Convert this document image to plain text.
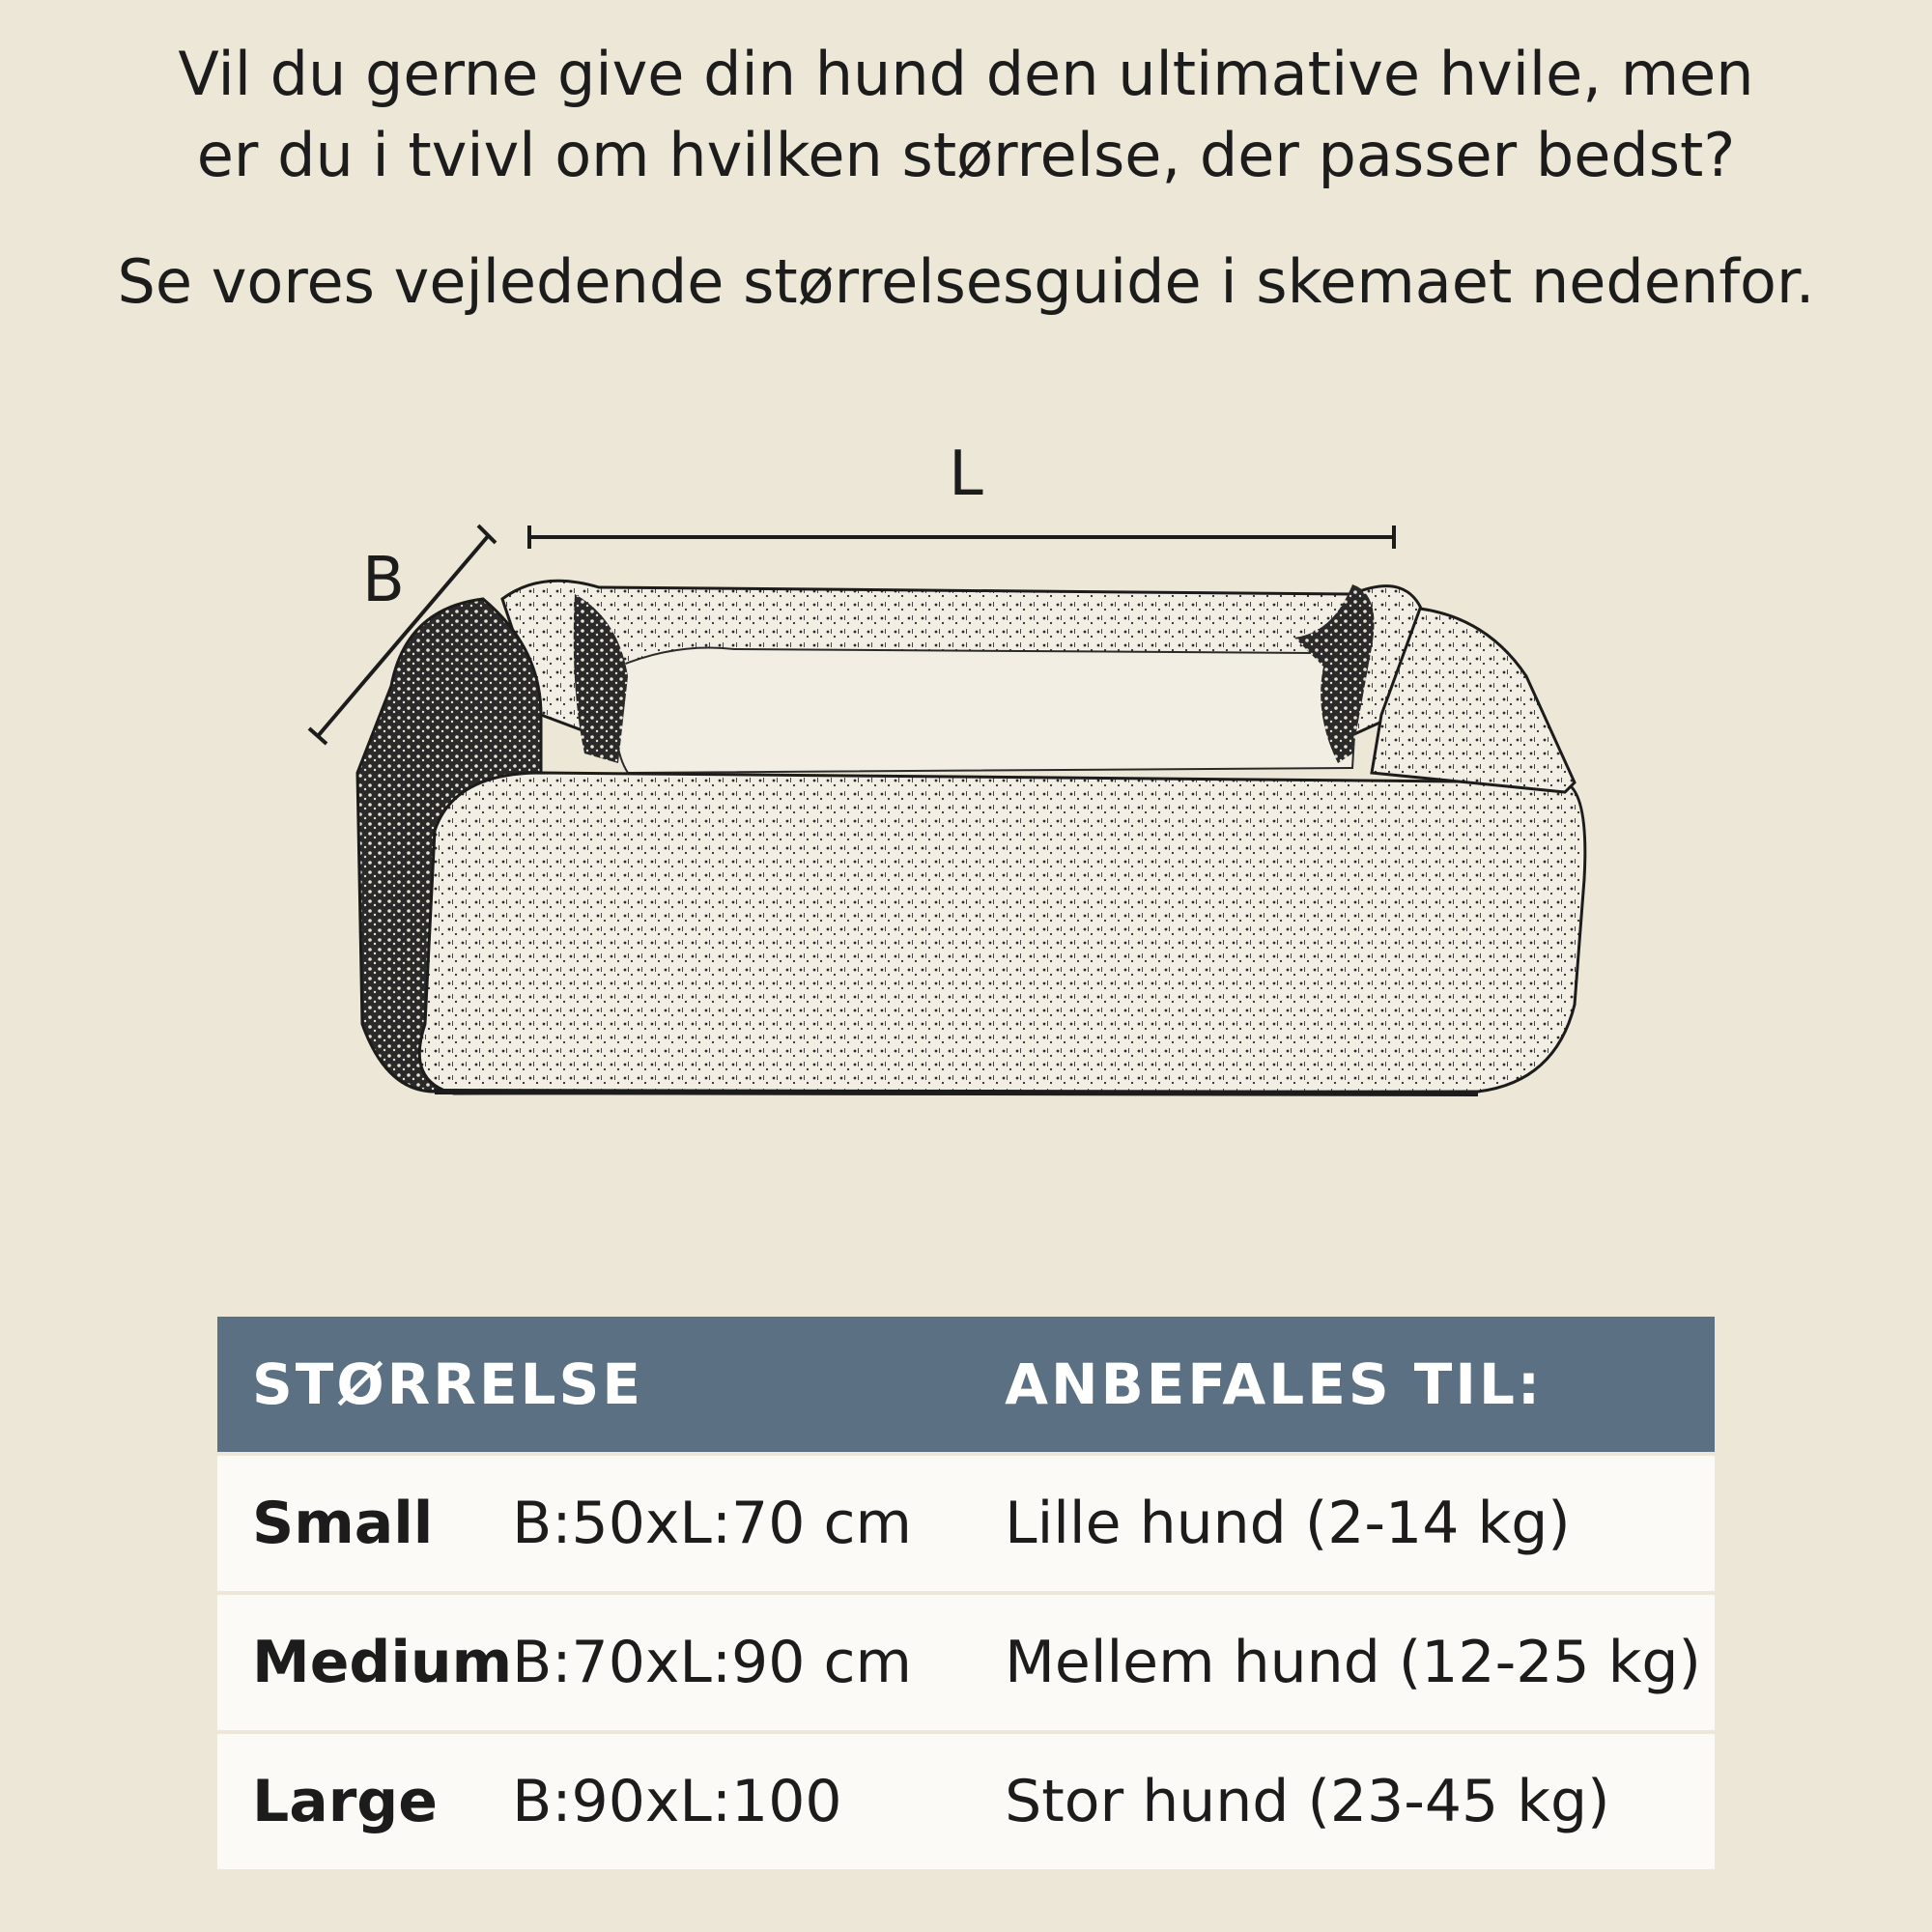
Vil du gerne give din hund den ultimative hvile, men
er du i tvivl om hvilken størrelse, der passer bedst?
Se vores vejledende størrelsesguide i skemaet nedenfor.
L
B
STØRRELSE		ANBEFALES TIL:

Small	B:50xL:70 cm	Lille hund (2-14 kg)

Medium	B:70xL:90 cm	Mellem hund (12-25 kg)

Large	B:90xL:100	Stor hund (23-45 kg)
